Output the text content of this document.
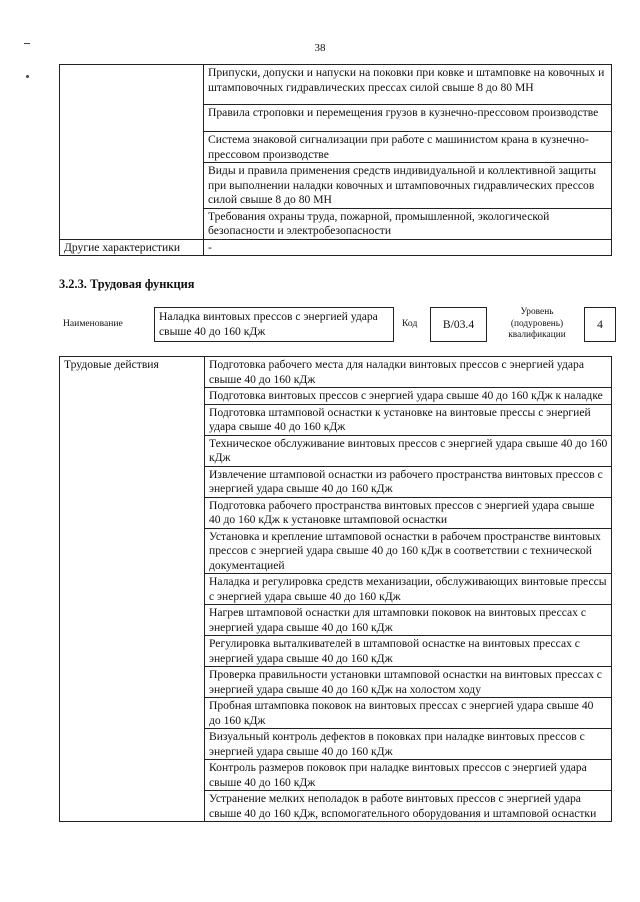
38
	Припуски, допуски и напуски на поковки при ковке и штамповке на ковочных и штамповочных гидравлических прессах силой свыше 8 до 80 МН
	Правила строповки и перемещения грузов в кузнечно-прессовом производстве
	Система знаковой сигнализации при работе с машинистом крана в кузнечно-прессовом производстве
	Виды и правила применения средств индивидуальной и коллективной защиты при выполнении наладки ковочных и штамповочных гидравлических прессов силой свыше 8 до 80 МН
	Требования охраны труда, пожарной, промышленной, экологической безопасности и электробезопасности
Другие характеристики	-
3.2.3. Трудовая функция
Наименование
Наладка винтовых прессов с энергией удара свыше 40 до 160 кДж
Код	В/03.4
Уровень (подуровень) квалификации
4
Трудовые действия	Подготовка рабочего места для наладки винтовых прессов с энергией удара свыше 40 до 160 кДж
Подготовка винтовых прессов с энергией удара свыше 40 до 160 кДж к наладке
Подготовка штамповой оснастки к установке на винтовые прессы с энергией удара свыше 40 до 160 кДж
Техническое обслуживание винтовых прессов с энергией удара свыше 40 до 160 кДж
Извлечение штамповой оснастки из рабочего пространства винтовых прессов с энергией удара свыше 40 до 160 кДж
Подготовка рабочего пространства винтовых прессов с энергией удара свыше 40 до 160 кДж к установке штамповой оснастки
Установка и крепление штамповой оснастки в рабочем пространстве винтовых прессов с энергией удара свыше 40 до 160 кДж в соответствии с технической документацией
Наладка и регулировка средств механизации, обслуживающих винтовые прессы с энергией удара свыше 40 до 160 кДж
Нагрев штамповой оснастки для штамповки поковок на винтовых прессах с энергией удара свыше 40 до 160 кДж
Регулировка выталкивателей в штамповой оснастке на винтовых прессах с энергией удара свыше 40 до 160 кДж
Проверка правильности установки штамповой оснастки на винтовых прессах с энергией удара свыше 40 до 160 кДж на холостом ходу
Пробная штамповка поковок на винтовых прессах с энергией удара свыше 40 до 160 кДж
Визуальный контроль дефектов в поковках при наладке винтовых прессов с энергией удара свыше 40 до 160 кДж
Контроль размеров поковок при наладке винтовых прессов с энергией удара свыше 40 до 160 кДж
Устранение мелких неполадок в работе винтовых прессов с энергией удара свыше 40 до 160 кДж, вспомогательного оборудования и штамповой оснастки
